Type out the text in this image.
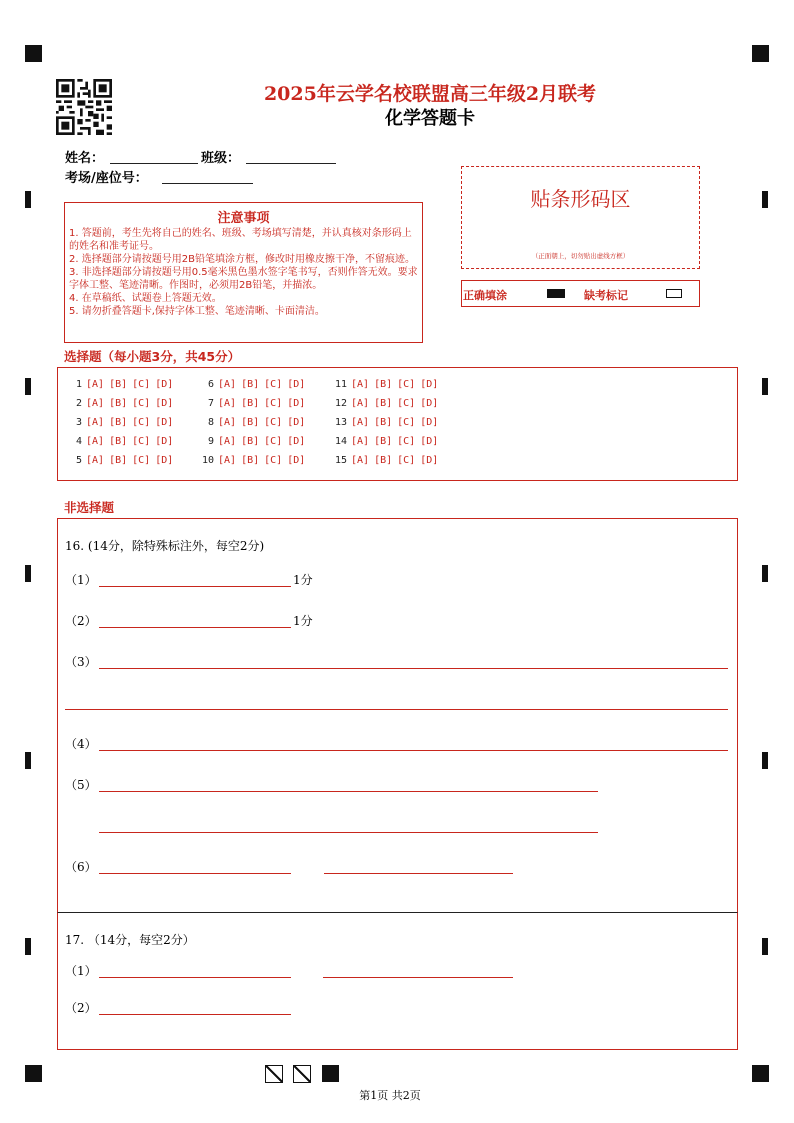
2025年云学名校联盟高三年级2月联考
化学答题卡
姓名：	班级：
考场/座位号：
注意事项
1. 答题前，考生先将自己的姓名、班级、考场填写清楚，并认真核对条形码上的姓名和准考证号。
2. 选择题部分请按题号用2B铅笔填涂方框，修改时用橡皮擦干净，不留痕迹。
3. 非选择题部分请按题号用0.5毫米黑色墨水签字笔书写，否则作答无效。要求字体工整、笔迹清晰。作图时，必须用2B铅笔，并描浓。
4. 在草稿纸、试题卷上答题无效。
5. 请勿折叠答题卡,保持字体工整、笔迹清晰、卡面清洁。
贴条形码区
（正面朝上，切勿贴出虚线方框）
正确填涂	缺考标记
选择题（每小题3分，共45分）
1 [A] [B] [C] [D]
2 [A] [B] [C] [D]
3 [A] [B] [C] [D]
4 [A] [B] [C] [D]
5 [A] [B] [C] [D]
6 [A] [B] [C] [D]
7 [A] [B] [C] [D]
8 [A] [B] [C] [D]
9 [A] [B] [C] [D]
10 [A] [B] [C] [D]
11 [A] [B] [C] [D]
12 [A] [B] [C] [D]
13 [A] [B] [C] [D]
14 [A] [B] [C] [D]
15 [A] [B] [C] [D]
非选择题
16. (14分，除特殊标注外，每空2分)
（1）	1分
（2）	1分
（3）
（4）
（5）
（6）
17. （14分，每空2分）
（1）
（2）
第1页 共2页
